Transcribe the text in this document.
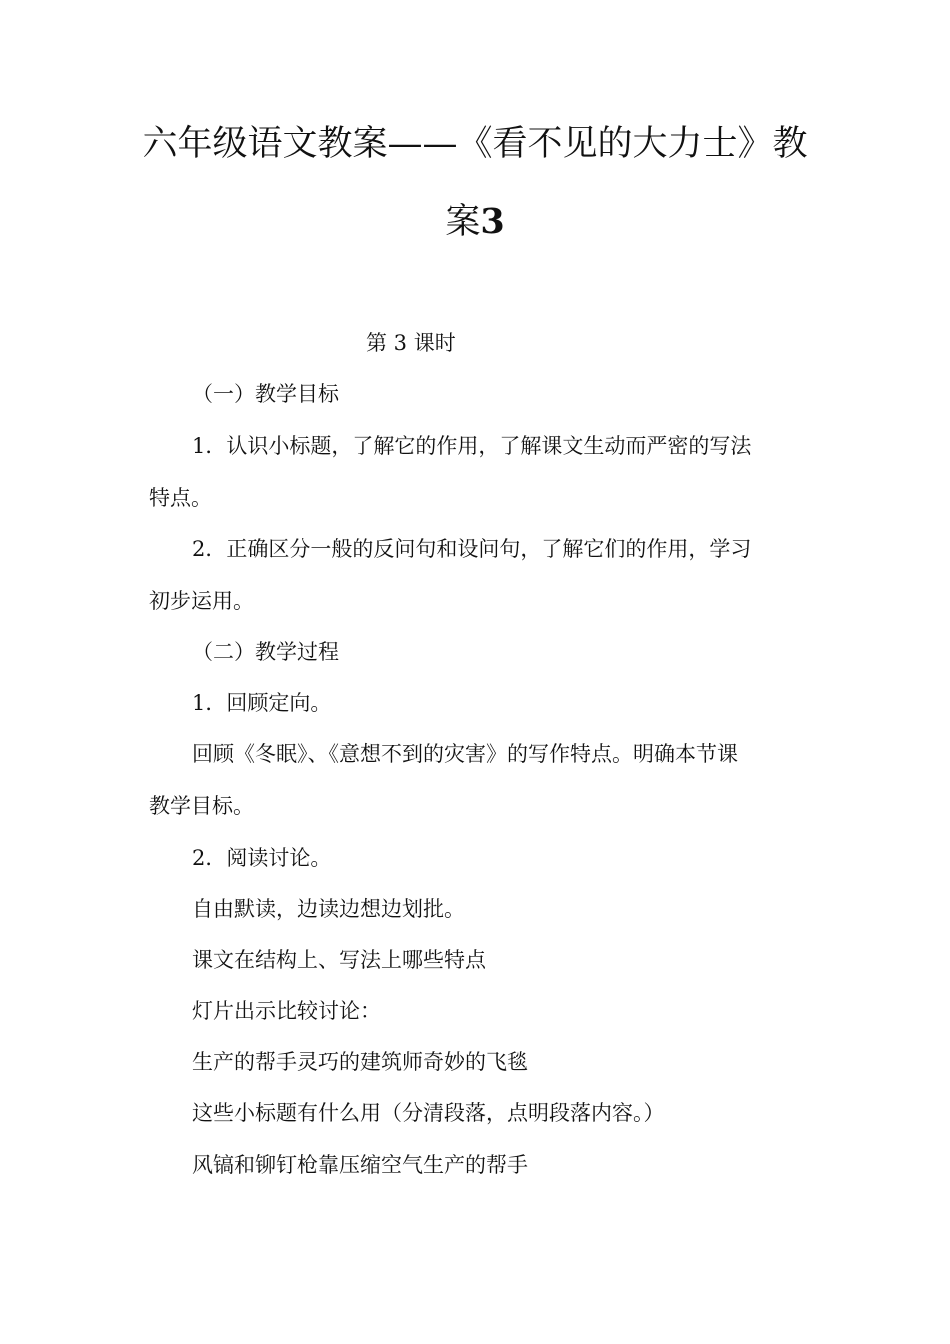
六年级语文教案——《看不见的大力士》教
案3

第 3 课时

（一）教学目标

1．认识小标题，了解它的作用，了解课文生动而严密的写法

特点。

2．正确区分一般的反问句和设问句，了解它们的作用，学习

初步运用。

（二）教学过程

1．回顾定向。

回顾《冬眠》、《意想不到的灾害》的写作特点。明确本节课

教学目标。

2．阅读讨论。

自由默读，边读边想边划批。

课文在结构上、写法上哪些特点

灯片出示比较讨论：

生产的帮手灵巧的建筑师奇妙的飞毯

这些小标题有什么用（分清段落，点明段落内容。）

风镐和铆钉枪靠压缩空气生产的帮手
